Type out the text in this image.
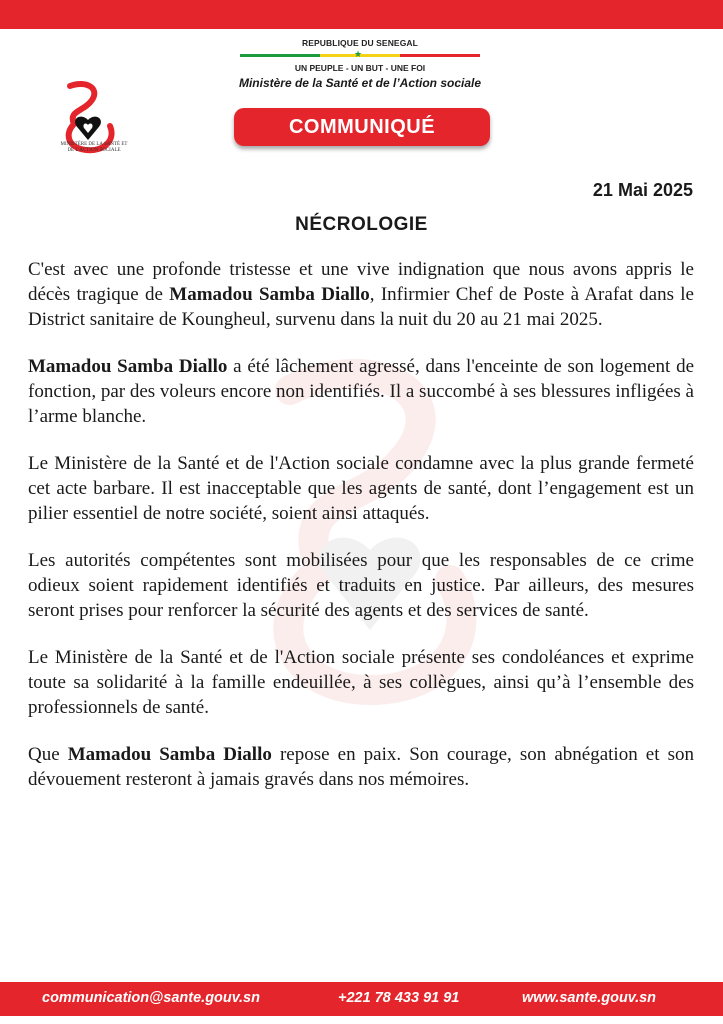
MINISTÈRE DE LA SANTÉ ET DE L'ACTION SOCIALE
REPUBLIQUE DU SENEGAL
★
UN PEUPLE - UN BUT - UNE FOI
Ministère de la Santé et de l’Action sociale
COMMUNIQUÉ
21 Mai 2025
NÉCROLOGIE

C'est avec une profonde tristesse et une vive indignation que nous avons appris le décès tragique de Mamadou Samba Diallo, Infirmier Chef de Poste à Arafat dans le District sanitaire de Koungheul, survenu dans la nuit du 20 au 21 mai 2025.

Mamadou Samba Diallo a été lâchement agressé, dans l'enceinte de son logement de fonction, par des voleurs encore non identifiés. Il a succombé à ses blessures infligées à l’arme blanche.

Le Ministère de la Santé et de l'Action sociale condamne avec la plus grande fermeté cet acte barbare. Il est inacceptable que les agents de santé, dont l’engagement est un pilier essentiel de notre société, soient ainsi attaqués.

Les autorités compétentes sont mobilisées pour que les responsables de ce crime odieux soient rapidement identifiés et traduits en justice. Par ailleurs, des mesures seront prises pour renforcer la sécurité des agents et des services de santé.

Le Ministère de la Santé et de l'Action sociale présente ses condoléances et exprime toute sa solidarité à la famille endeuillée, à ses collègues, ainsi qu’à l’ensemble des professionnels de santé.

Que Mamadou Samba Diallo repose en paix. Son courage, son abnégation et son dévouement resteront à jamais gravés dans nos mémoires.

communication@sante.gouv.sn	+221 78 433 91 91	www.sante.gouv.sn
